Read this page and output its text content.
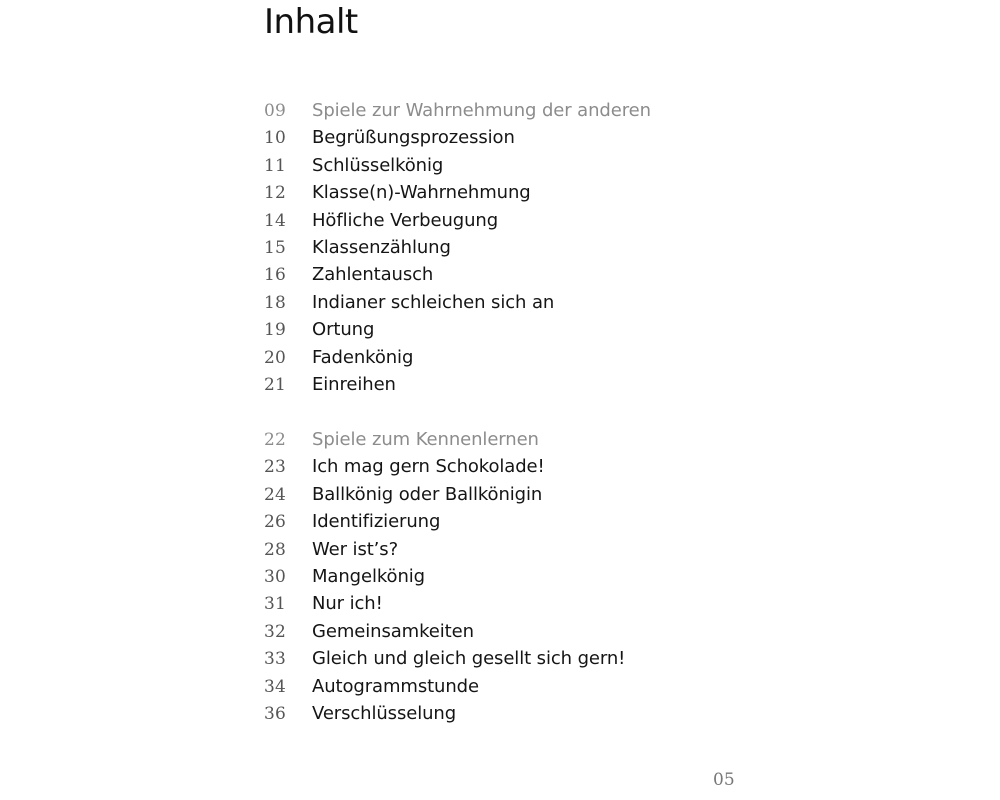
Inhalt
09	Spiele zur Wahrnehmung der anderen
10	Begrüßungsprozession
11	Schlüsselkönig
12	Klasse(n)-Wahrnehmung
14	Höfliche Verbeugung
15	Klassenzählung
16	Zahlentausch
18	Indianer schleichen sich an
19	Ortung
20	Fadenkönig
21	Einreihen
22	Spiele zum Kennenlernen
23	Ich mag gern Schokolade!
24	Ballkönig oder Ballkönigin
26	Identifizierung
28	Wer ist’s?
30	Mangelkönig
31	Nur ich!
32	Gemeinsamkeiten
33	Gleich und gleich gesellt sich gern!
34	Autogrammstunde
36	Verschlüsselung
05
